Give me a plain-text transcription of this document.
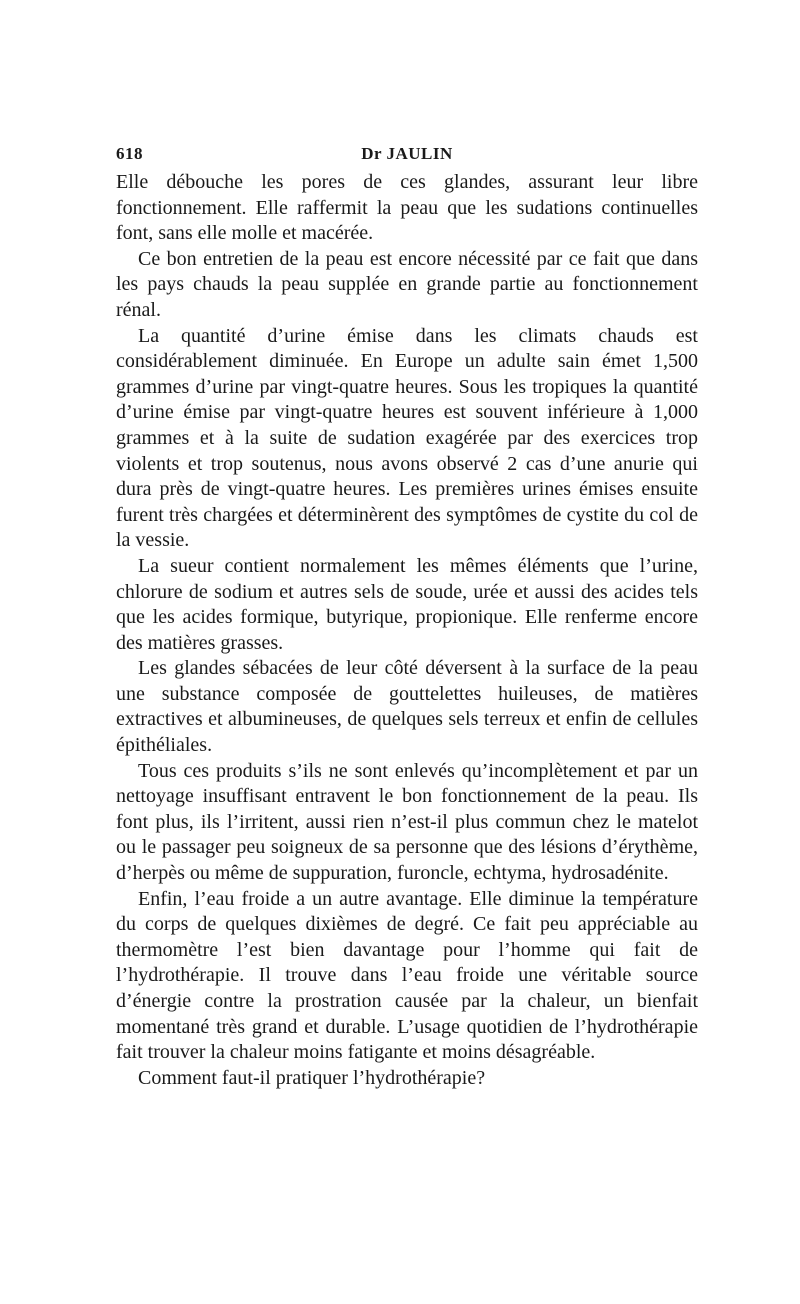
618	Dr JAULIN

Elle débouche les pores de ces glandes, assurant leur libre fonctionnement. Elle raffermit la peau que les sudations continuelles font, sans elle molle et macérée.

Ce bon entretien de la peau est encore nécessité par ce fait que dans les pays chauds la peau supplée en grande partie au fonctionnement rénal.

La quantité d’urine émise dans les climats chauds est considérablement diminuée. En Europe un adulte sain émet 1,500 grammes d’urine par vingt-quatre heures. Sous les tropiques la quantité d’urine émise par vingt-quatre heures est souvent inférieure à 1,000 grammes et à la suite de sudation exagérée par des exercices trop violents et trop soutenus, nous avons observé 2 cas d’une anurie qui dura près de vingt-quatre heures. Les premières urines émises ensuite furent très chargées et déterminèrent des symptômes de cystite du col de la vessie.

La sueur contient normalement les mêmes éléments que l’urine, chlorure de sodium et autres sels de soude, urée et aussi des acides tels que les acides formique, butyrique, propionique. Elle renferme encore des matières grasses.

Les glandes sébacées de leur côté déversent à la surface de la peau une substance composée de gouttelettes huileuses, de matières extractives et albumineuses, de quelques sels terreux et enfin de cellules épithéliales.

Tous ces produits s’ils ne sont enlevés qu’incomplètement et par un nettoyage insuffisant entravent le bon fonctionnement de la peau. Ils font plus, ils l’irritent, aussi rien n’est-il plus commun chez le matelot ou le passager peu soigneux de sa personne que des lésions d’érythème, d’herpès ou même de suppuration, furoncle, echtyma, hydrosadénite.

Enfin, l’eau froide a un autre avantage. Elle diminue la température du corps de quelques dixièmes de degré. Ce fait peu appréciable au thermomètre l’est bien davantage pour l’homme qui fait de l’hydrothérapie. Il trouve dans l’eau froide une véritable source d’énergie contre la prostration causée par la chaleur, un bienfait momentané très grand et durable. L’usage quotidien de l’hydrothérapie fait trouver la chaleur moins fatigante et moins désagréable.

Comment faut-il pratiquer l’hydrothérapie?
